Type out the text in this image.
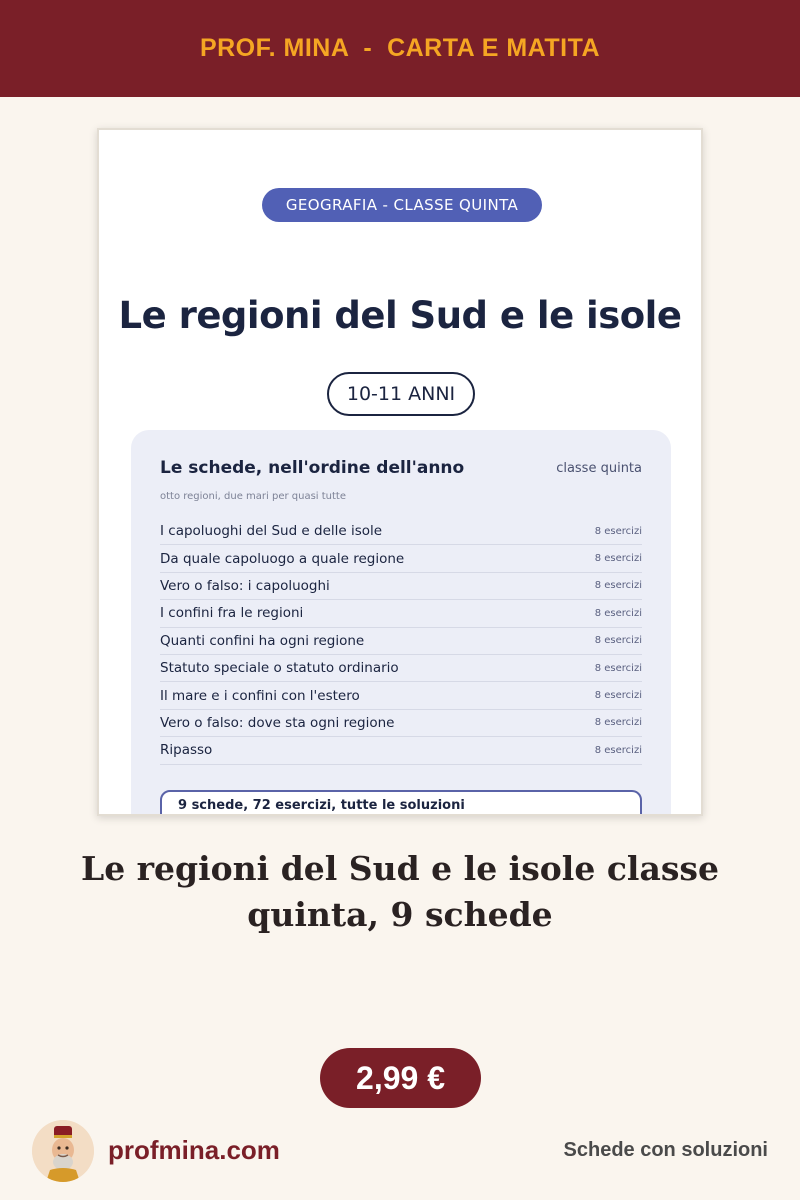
PROF. MINA  -  CARTA E MATITA
GEOGRAFIA - CLASSE QUINTA
Le regioni del Sud e le isole
10-11 ANNI
Le schede, nell'ordine dell'anno	classe quinta
otto regioni, due mari per quasi tutte
I capoluoghi del Sud e delle isole	8 esercizi
Da quale capoluogo a quale regione	8 esercizi
Vero o falso: i capoluoghi	8 esercizi
I confini fra le regioni	8 esercizi
Quanti confini ha ogni regione	8 esercizi
Statuto speciale o statuto ordinario	8 esercizi
Il mare e i confini con l'estero	8 esercizi
Vero o falso: dove sta ogni regione	8 esercizi
Ripasso	8 esercizi
9 schede, 72 esercizi, tutte le soluzioni
Le regioni del Sud e le isole classe
quinta, 9 schede
2,99 €
profmina.com	Schede con soluzioni
